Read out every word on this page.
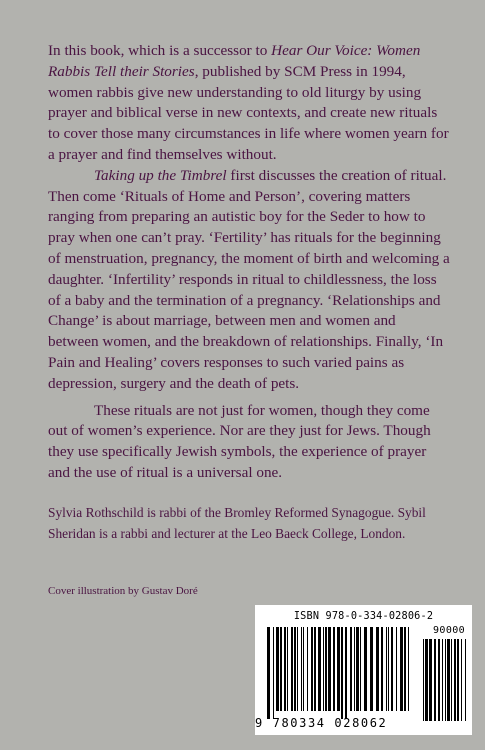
In this book, which is a successor to Hear Our Voice: Women Rabbis Tell their Stories, published by SCM Press in 1994, women rabbis give new understanding to old liturgy by using prayer and biblical verse in new contexts, and create new rituals to cover those many circumstances in life where women yearn for a prayer and find themselves without.

Taking up the Timbrel first discusses the creation of ritual. Then come ‘Rituals of Home and Person’, covering matters ranging from preparing an autistic boy for the Seder to how to pray when one can’t pray. ‘Fertility’ has rituals for the beginning of menstruation, pregnancy, the moment of birth and welcoming a daughter. ‘Infertility’ responds in ritual to childlessness, the loss of a baby and the termination of a pregnancy. ‘Relationships and Change’ is about marriage, between men and women and between women, and the breakdown of relationships. Finally, ‘In Pain and Healing’ covers responses to such varied pains as depression, surgery and the death of pets.

These rituals are not just for women, though they come out of women’s experience. Nor are they just for Jews. Though they use specifically Jewish symbols, the experience of prayer and the use of ritual is a universal one.

Sylvia Rothschild is rabbi of the Bromley Reformed Synagogue. Sybil Sheridan is a rabbi and lecturer at the Leo Baeck College, London.

Cover illustration by Gustav Doré

ISBN 978-0-334-02806-2
9 780334 028062
90000
